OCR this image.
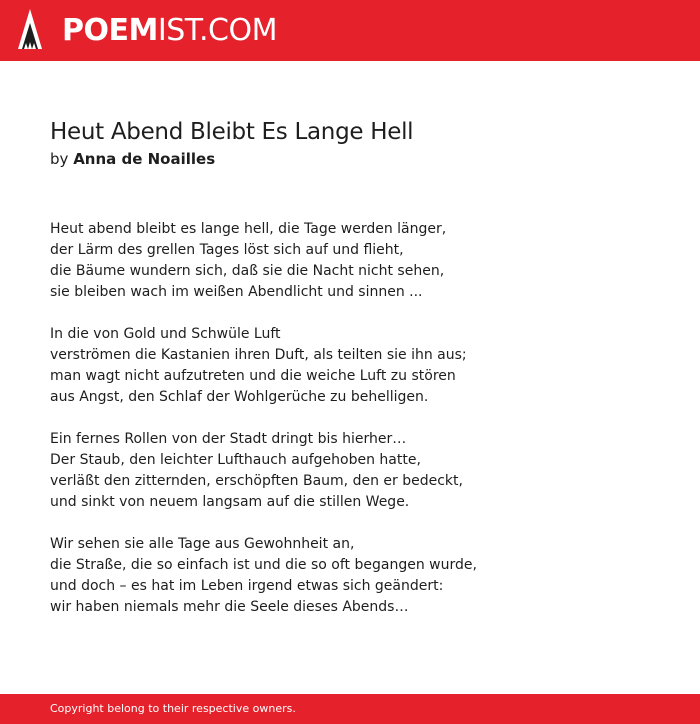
POEMIST.COM
Heut Abend Bleibt Es Lange Hell
by Anna de Noailles
Heut abend bleibt es lange hell, die Tage werden länger,
der Lärm des grellen Tages löst sich auf und flieht,
die Bäume wundern sich, daß sie die Nacht nicht sehen,
sie bleiben wach im weißen Abendlicht und sinnen ...
In die von Gold und Schwüle Luft
verströmen die Kastanien ihren Duft, als teilten sie ihn aus;
man wagt nicht aufzutreten und die weiche Luft zu stören
aus Angst, den Schlaf der Wohlgerüche zu behelligen.
Ein fernes Rollen von der Stadt dringt bis hierher…
Der Staub, den leichter Lufthauch aufgehoben hatte,
verläßt den zitternden, erschöpften Baum, den er bedeckt,
und sinkt von neuem langsam auf die stillen Wege.
Wir sehen sie alle Tage aus Gewohnheit an,
die Straße, die so einfach ist und die so oft begangen wurde,
und doch – es hat im Leben irgend etwas sich geändert:
wir haben niemals mehr die Seele dieses Abends…
Copyright belong to their respective owners.
